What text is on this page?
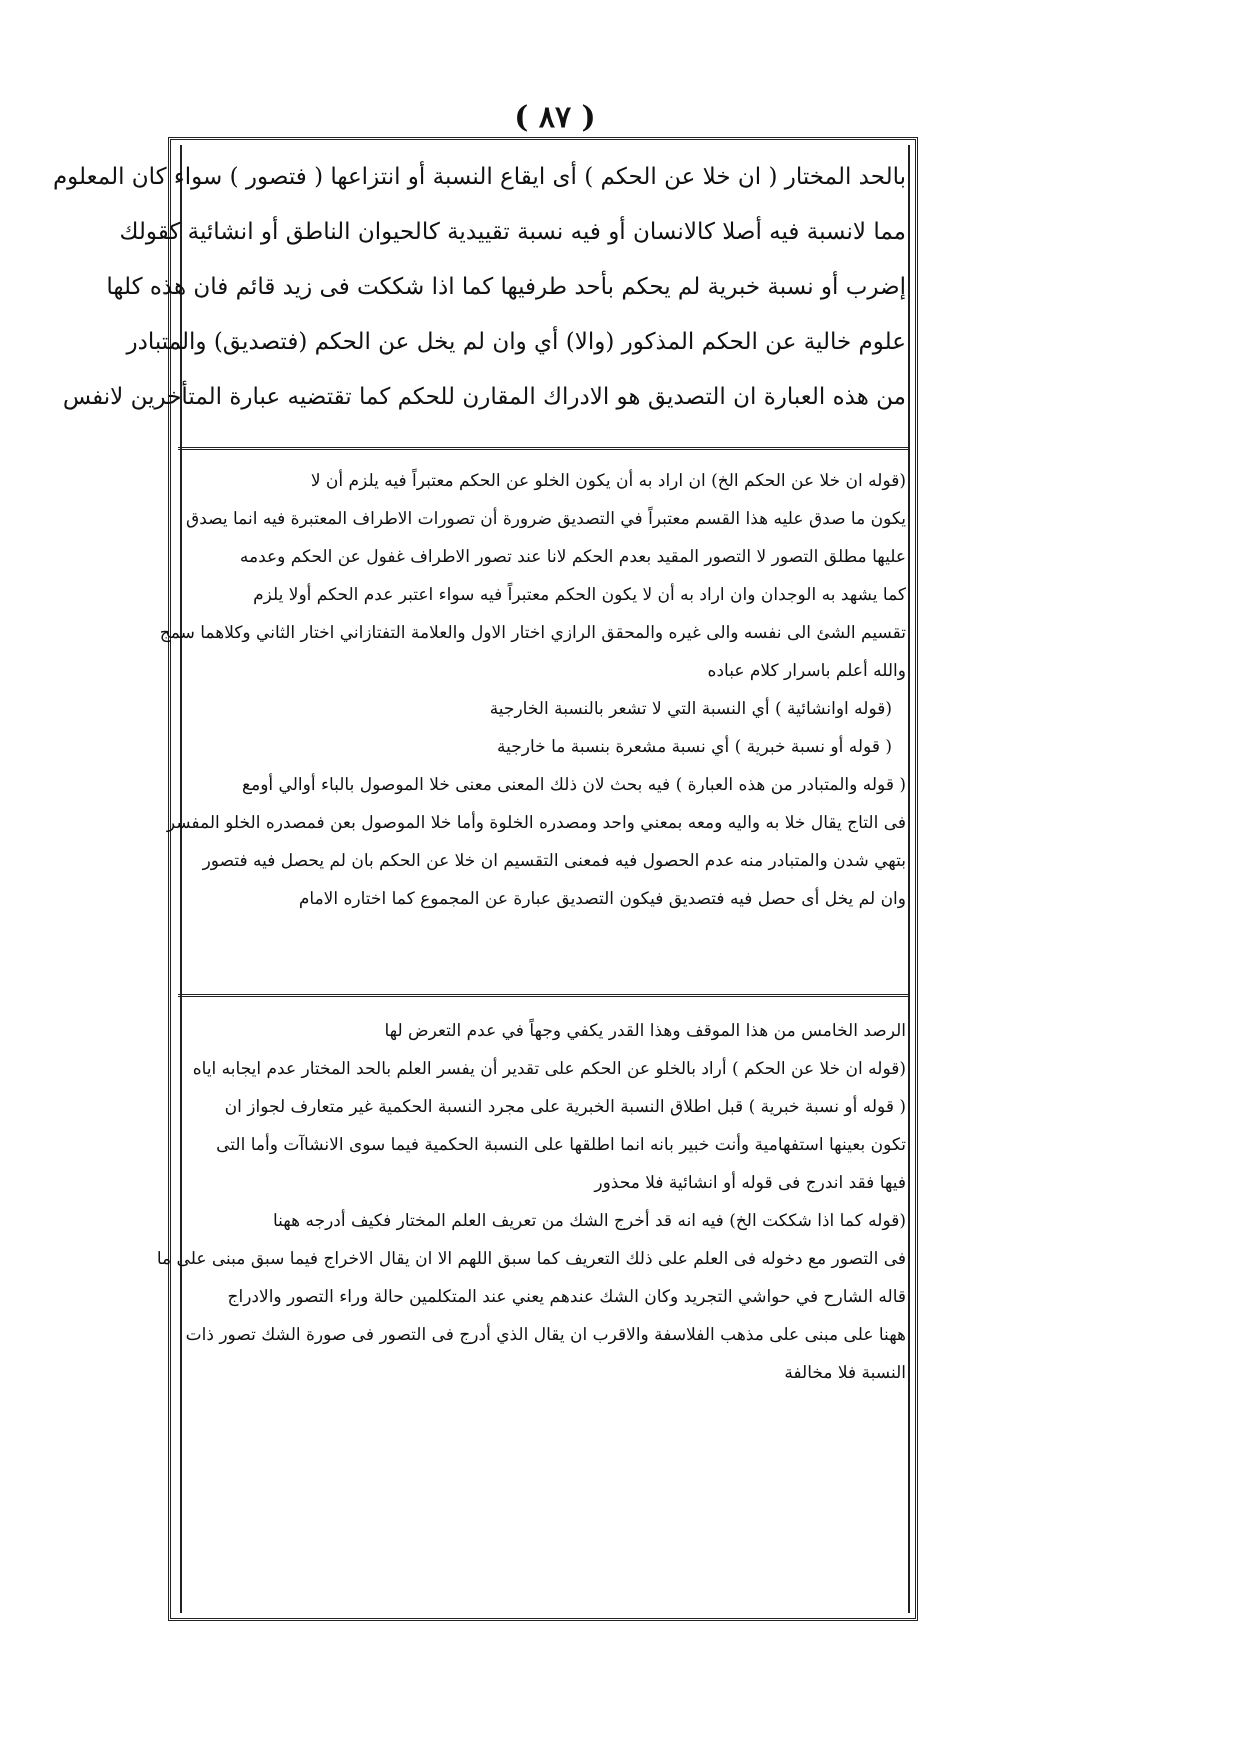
( ٨٧ )
بالحد المختار ( ان خلا عن الحكم ) أى ايقاع النسبة أو انتزاعها ( فتصور ) سواء كان المعلوم
مما لانسبة فيه أصلا كالانسان أو فيه نسبة تقييدية كالحيوان الناطق أو انشائية كقولك
إضرب أو نسبة خبرية لم يحكم بأحد طرفيها كما اذا شككت فى زيد قائم فان هذه كلها
علوم خالية عن الحكم المذكور (والا) أي وان لم يخل عن الحكم (فتصديق) والمتبادر
من هذه العبارة ان التصديق هو الادراك المقارن للحكم كما تقتضيه عبارة المتأخرين لانفس
(قوله ان خلا عن الحكم الخ) ان اراد به أن يكون الخلو عن الحكم معتبراً فيه يلزم أن لا
يكون ما صدق عليه هذا القسم معتبراً في التصديق ضرورة أن تصورات الاطراف المعتبرة فيه انما يصدق
عليها مطلق التصور لا التصور المقيد بعدم الحكم لانا عند تصور الاطراف غفول عن الحكم وعدمه
كما يشهد به الوجدان وان اراد به أن لا يكون الحكم معتبراً فيه سواء اعتبر عدم الحكم أولا يلزم
تقسيم الشئ الى نفسه والى غيره والمحقق الرازي اختار الاول والعلامة التفتازاني اختار الثاني وكلاهما سمج
والله أعلم باسرار كلام عباده
(قوله اوانشائية ) أي النسبة التي لا تشعر بالنسبة الخارجية
( قوله أو نسبة خبرية ) أي نسبة مشعرة بنسبة ما خارجية
( قوله والمتبادر من هذه العبارة ) فيه بحث لان ذلك المعنى معنى خلا الموصول بالباء أوالي أومع
فى التاج يقال خلا به واليه ومعه بمعني واحد ومصدره الخلوة وأما خلا الموصول بعن فمصدره الخلو المفسر
بتهي شدن والمتبادر منه عدم الحصول فيه فمعنى التقسيم ان خلا عن الحكم بان لم يحصل فيه فتصور
وان لم يخل أى حصل فيه فتصديق فيكون التصديق عبارة عن المجموع كما اختاره الامام
الرصد الخامس من هذا الموقف وهذا القدر يكفي وجهاً في عدم التعرض لها
(قوله ان خلا عن الحكم ) أراد بالخلو عن الحكم على تقدير أن يفسر العلم بالحد المختار عدم ايجابه اياه
( قوله أو نسبة خبرية ) قبل اطلاق النسبة الخبرية على مجرد النسبة الحكمية غير متعارف لجواز ان
تكون بعينها استفهامية وأنت خبير بانه انما اطلقها على النسبة الحكمية فيما سوى الانشاآت وأما التى
فيها فقد اندرج فى قوله أو انشائية فلا محذور
(قوله كما اذا شككت الخ) فيه انه قد أخرج الشك من تعريف العلم المختار فكيف أدرجه ههنا
فى التصور مع دخوله فى العلم على ذلك التعريف كما سبق اللهم الا ان يقال الاخراج فيما سبق مبنى على ما
قاله الشارح في حواشي التجريد وكان الشك عندهم يعني عند المتكلمين حالة وراء التصور والادراج
ههنا على مبنى على مذهب الفلاسفة والاقرب ان يقال الذي أدرج فى التصور فى صورة الشك تصور ذات
النسبة فلا مخالفة
